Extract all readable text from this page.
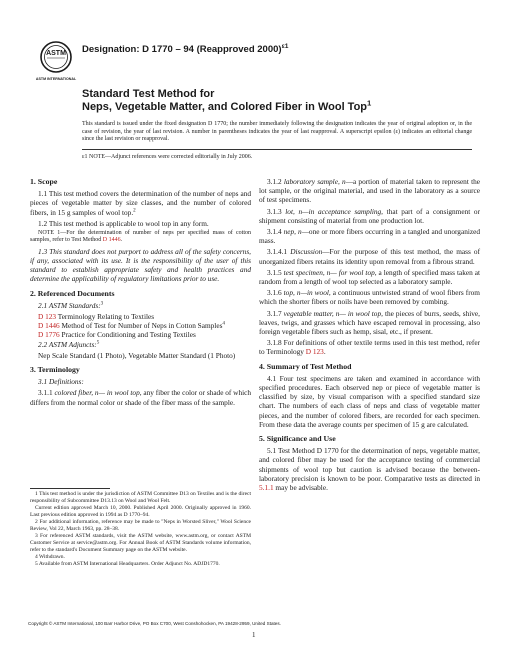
ASTM
ASTM INTERNATIONAL
Designation: D 1770 – 94 (Reapproved 2000)$^{\varepsilon 1}$
Standard Test Method for
Neps, Vegetable Matter, and Colored Fiber in Wool Top$^1$
This standard is issued under the fixed designation D 1770; the number immediately following the designation indicates the year of original adoption or, in the case of revision, the year of last revision. A number in parentheses indicates the year of last reapproval. A superscript epsilon (ε) indicates an editorial change since the last revision or reapproval.
ε1 NOTE—Adjunct references were corrected editorially in July 2006.
1. Scope

1.1 This test method covers the determination of the number of neps and pieces of vegetable matter by size classes, and the number of colored fibers, in 15 g samples of wool top.$^2$

1.2 This test method is applicable to wool top in any form.

NOTE 1—For the determination of number of neps per specified mass of cotton samples, refer to Test Method D 1446.

1.3 This standard does not purport to address all of the safety concerns, if any, associated with its use. It is the responsibility of the user of this standard to establish appropriate safety and health practices and determine the applicability of regulatory limitations prior to use.

2. Referenced Documents

2.1 ASTM Standards:$^3$

D 123 Terminology Relating to Textiles
D 1446 Method of Test for Number of Neps in Cotton Samples$^4$
D 1776 Practice for Conditioning and Testing Textiles

2.2 ASTM Adjuncts:$^5$

Nep Scale Standard (1 Photo), Vegetable Matter Standard (1 Photo)
3. Terminology

3.1 Definitions:

3.1.1 colored fiber, n— in wool top, any fiber the color or shade of which differs from the normal color or shade of the fiber mass of the sample.

1 This test method is under the jurisdiction of ASTM Committee D13 on Textiles and is the direct responsibility of Subcommittee D13.13 on Wool and Wool Felt.

Current edition approved March 10, 2000. Published April 2000. Originally approved in 1960. Last previous edition approved in 1994 as D 1770–94.

2 For additional information, reference may be made to "Neps in Worsted Sliver," Wool Science Review, Vol 22, March 1963, pp. 28–38.

3 For referenced ASTM standards, visit the ASTM website, www.astm.org, or contact ASTM Customer Service at service@astm.org. For Annual Book of ASTM Standards volume information, refer to the standard's Document Summary page on the ASTM website.

4 Withdrawn.

5 Available from ASTM International Headquarters. Order Adjunct No. ADJD1770.

3.1.2 laboratory sample, n—a portion of material taken to represent the lot sample, or the original material, and used in the laboratory as a source of test specimens.

3.1.3 lot, n—in acceptance sampling, that part of a consignment or shipment consisting of material from one production lot.

3.1.4 nep, n—one or more fibers occurring in a tangled and unorganized mass.

3.1.4.1 Discussion—For the purpose of this test method, the mass of unorganized fibers retains its identity upon removal from a fibrous strand.

3.1.5 test specimen, n— for wool top, a length of specified mass taken at random from a length of wool top selected as a laboratory sample.

3.1.6 top, n—in wool, a continuous untwisted strand of wool fibers from which the shorter fibers or noils have been removed by combing.

3.1.7 vegetable matter, n— in wool top, the pieces of burrs, seeds, shive, leaves, twigs, and grasses which have escaped removal in processing, also foreign vegetable fibers such as hemp, sisal, etc., if present.

3.1.8 For definitions of other textile terms used in this test method, refer to Terminology D 123.

4. Summary of Test Method

4.1 Four test specimens are taken and examined in accordance with specified procedures. Each observed nep or piece of vegetable matter is classified by size, by visual comparison with a specified standard size chart. The numbers of each class of neps and class of vegetable matter pieces, and the number of colored fibers, are recorded for each specimen. From these data the average counts per specimen of 15 g are calculated.

5. Significance and Use

5.1 Test Method D 1770 for the determination of neps, vegetable matter, and colored fiber may be used for the acceptance testing of commercial shipments of wool top but caution is advised because the between-laboratory precision is known to be poor. Comparative tests as directed in 5.1.1 may be advisable.

Copyright © ASTM International, 100 Barr Harbor Drive, PO Box C700, West Conshohocken, PA 19428-2959, United States.
1
